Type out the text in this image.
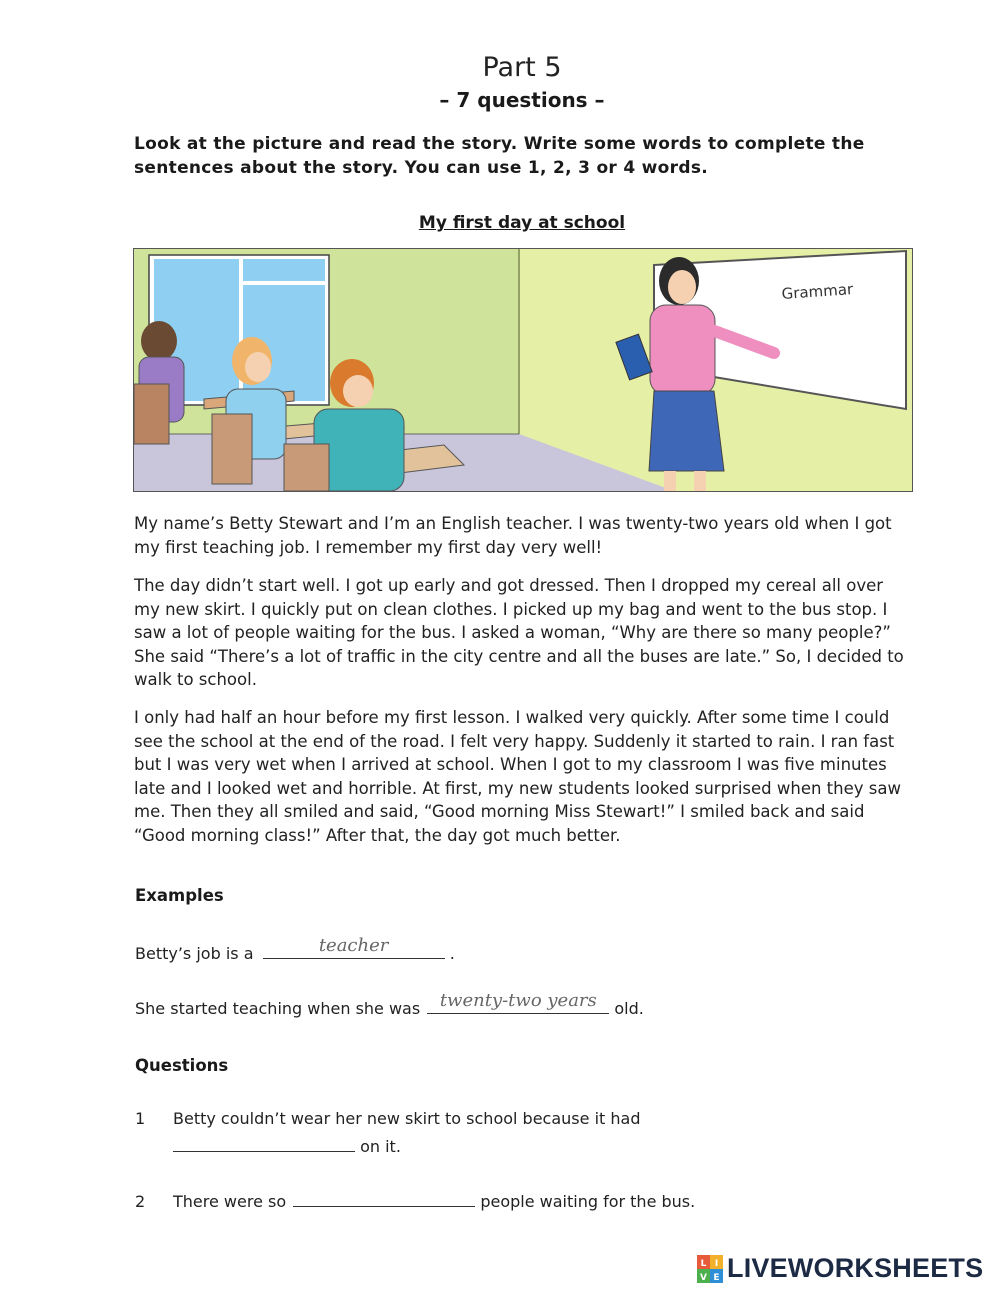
Part 5
– 7 questions –
Look at the picture and read the story. Write some words to complete the sentences about the story. You can use 1, 2, 3 or 4 words.
My first day at school
Grammar
My name’s Betty Stewart and I’m an English teacher. I was twenty-two years old when I got my first teaching job. I remember my first day very well!
The day didn’t start well. I got up early and got dressed. Then I dropped my cereal all over my new skirt. I quickly put on clean clothes. I picked up my bag and went to the bus stop. I saw a lot of people waiting for the bus. I asked a woman, “Why are there so many people?” She said “There’s a lot of traffic in the city centre and all the buses are late.” So, I decided to walk to school.
I only had half an hour before my first lesson. I walked very quickly. After some time I could see the school at the end of the road. I felt very happy. Suddenly it started to rain. I ran fast but I was very wet when I arrived at school. When I got to my classroom I was five minutes late and I looked wet and horrible. At first, my new students looked surprised when they saw me. Then they all smiled and said, “Good morning Miss Stewart!” I smiled back and said “Good morning class!” After that, the day got much better.
Examples
Betty’s job is a	teacher	.
She started teaching when she was	twenty-two years	old.
Questions
1 Betty couldn’t wear her new skirt to school because it had
on it.
2 There were so	people waiting for the bus.
L I
V E LIVEWORKSHEETS
